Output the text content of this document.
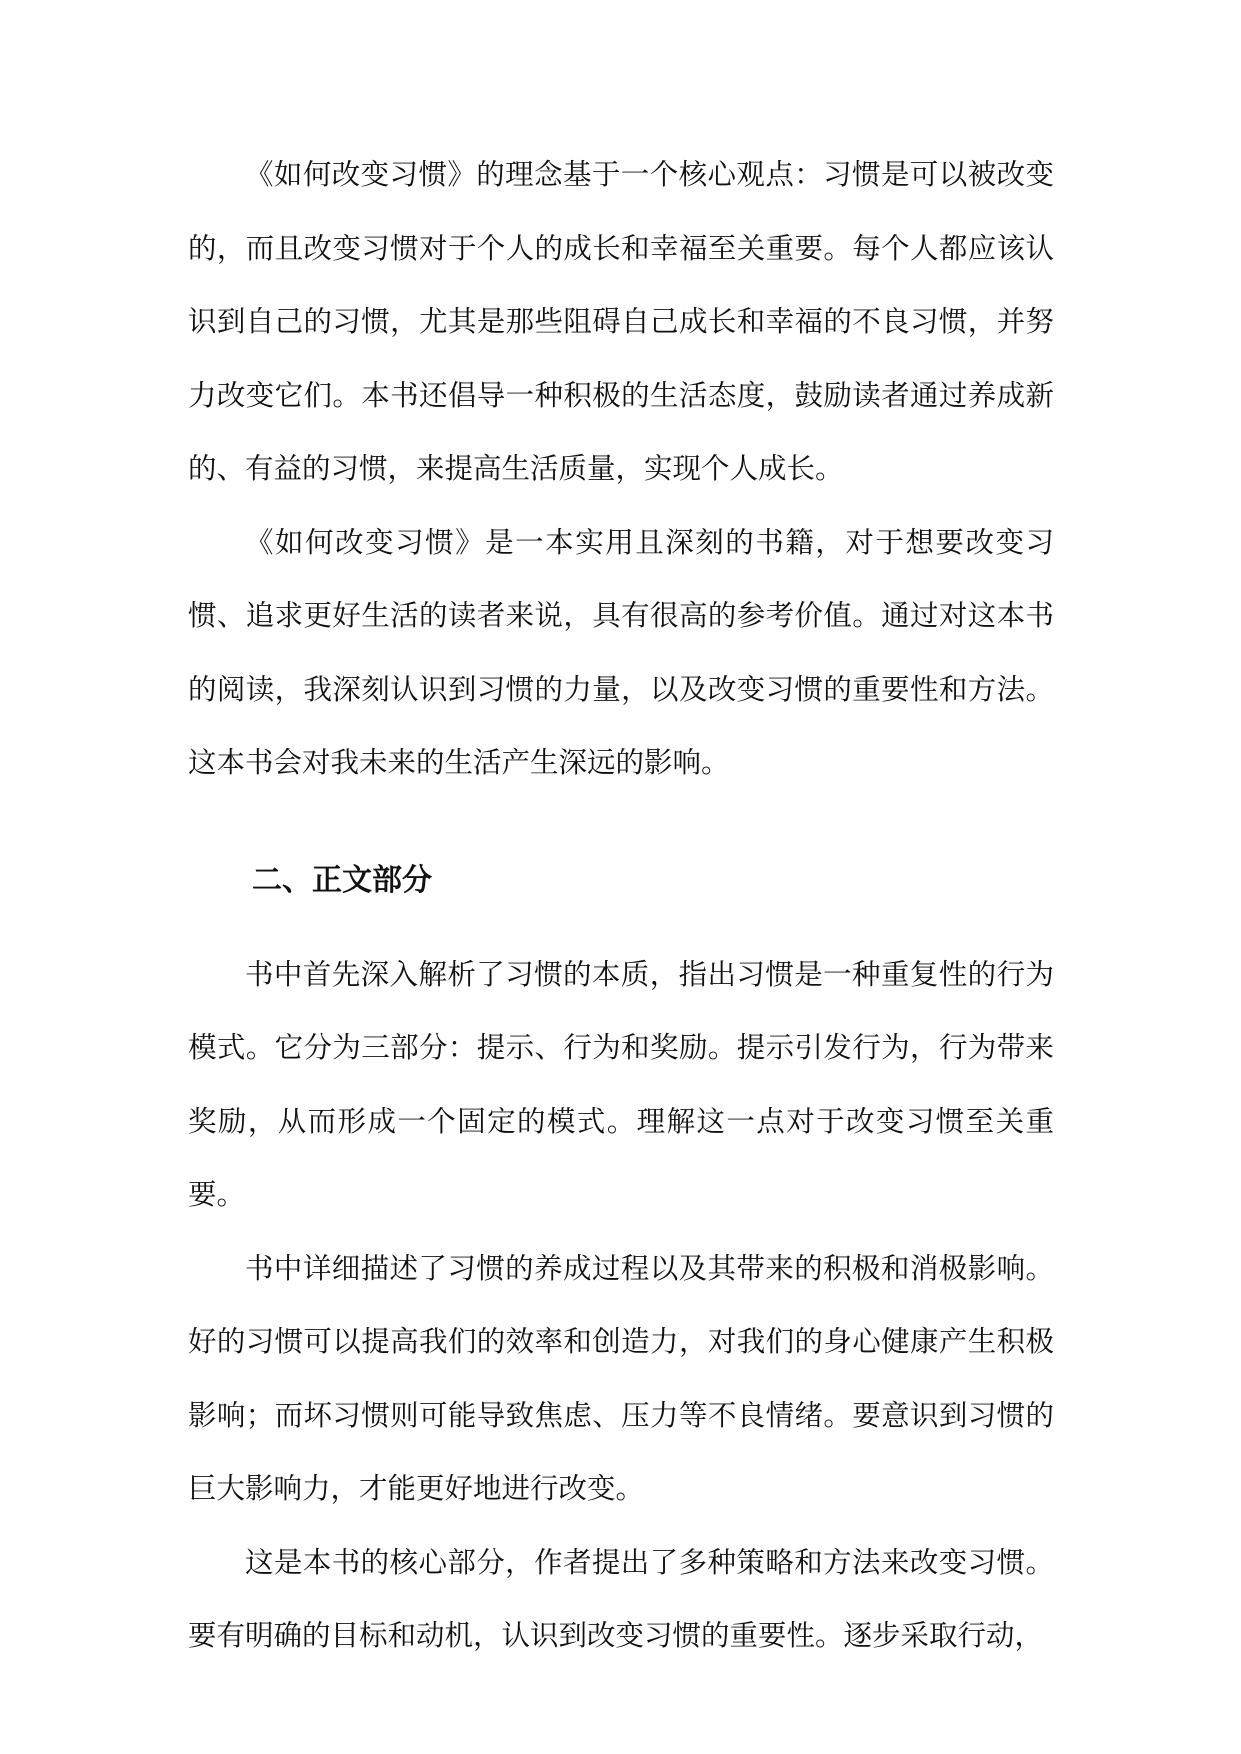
《如何改变习惯》的理念基于一个核心观点：习惯是可以被改变的，而且改变习惯对于个人的成长和幸福至关重要。每个人都应该认识到自己的习惯，尤其是那些阻碍自己成长和幸福的不良习惯，并努力改变它们。本书还倡导一种积极的生活态度，鼓励读者通过养成新的、有益的习惯，来提高生活质量，实现个人成长。

《如何改变习惯》是一本实用且深刻的书籍，对于想要改变习惯、追求更好生活的读者来说，具有很高的参考价值。通过对这本书的阅读，我深刻认识到习惯的力量，以及改变习惯的重要性和方法。这本书会对我未来的生活产生深远的影响。

二、正文部分

书中首先深入解析了习惯的本质，指出习惯是一种重复性的行为模式。它分为三部分：提示、行为和奖励。提示引发行为，行为带来奖励，从而形成一个固定的模式。理解这一点对于改变习惯至关重要。

书中详细描述了习惯的养成过程以及其带来的积极和消极影响。好的习惯可以提高我们的效率和创造力，对我们的身心健康产生积极影响；而坏习惯则可能导致焦虑、压力等不良情绪。要意识到习惯的巨大影响力，才能更好地进行改变。

这是本书的核心部分，作者提出了多种策略和方法来改变习惯。要有明确的目标和动机，认识到改变习惯的重要性。逐步采取行动，
